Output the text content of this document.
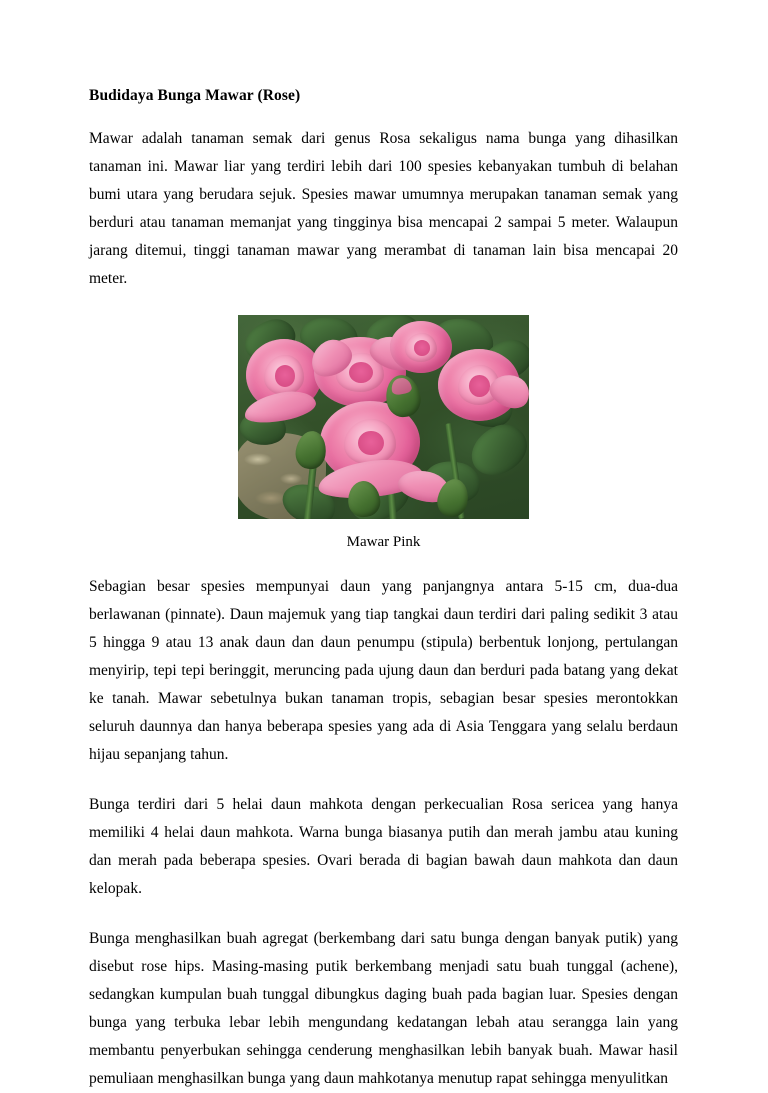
Budidaya Bunga Mawar (Rose)

Mawar adalah tanaman semak dari genus Rosa sekaligus nama bunga yang dihasilkan tanaman ini. Mawar liar yang terdiri lebih dari 100 spesies kebanyakan tumbuh di belahan bumi utara yang berudara sejuk. Spesies mawar umumnya merupakan tanaman semak yang berduri atau tanaman memanjat yang tingginya bisa mencapai 2 sampai 5 meter. Walaupun jarang ditemui, tinggi tanaman mawar yang merambat di tanaman lain bisa mencapai 20 meter.

Mawar Pink

Sebagian besar spesies mempunyai daun yang panjangnya antara 5-15 cm, dua-dua berlawanan (pinnate). Daun majemuk yang tiap tangkai daun terdiri dari paling sedikit 3 atau 5 hingga 9 atau 13 anak daun dan daun penumpu (stipula) berbentuk lonjong, pertulangan menyirip, tepi tepi beringgit, meruncing pada ujung daun dan berduri pada batang yang dekat ke tanah. Mawar sebetulnya bukan tanaman tropis, sebagian besar spesies merontokkan seluruh daunnya dan hanya beberapa spesies yang ada di Asia Tenggara yang selalu berdaun hijau sepanjang tahun.

Bunga terdiri dari 5 helai daun mahkota dengan perkecualian Rosa sericea yang hanya memiliki 4 helai daun mahkota. Warna bunga biasanya putih dan merah jambu atau kuning dan merah pada beberapa spesies. Ovari berada di bagian bawah daun mahkota dan daun kelopak.

Bunga menghasilkan buah agregat (berkembang dari satu bunga dengan banyak putik) yang disebut rose hips. Masing-masing putik berkembang menjadi satu buah tunggal (achene), sedangkan kumpulan buah tunggal dibungkus daging buah pada bagian luar. Spesies dengan bunga yang terbuka lebar lebih mengundang kedatangan lebah atau serangga lain yang membantu penyerbukan sehingga cenderung menghasilkan lebih banyak buah. Mawar hasil pemuliaan menghasilkan bunga yang daun mahkotanya menutup rapat sehingga menyulitkan
